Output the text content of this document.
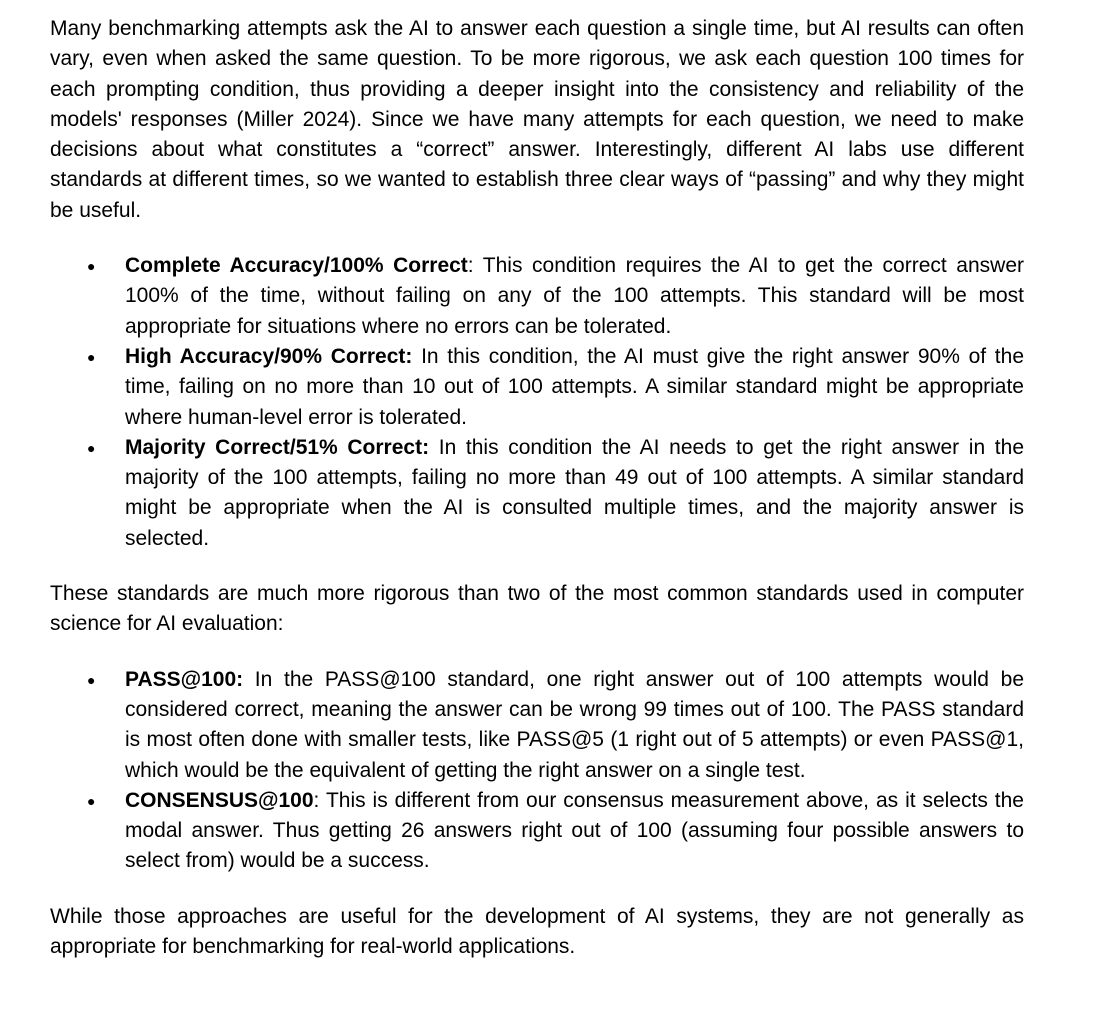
Many benchmarking attempts ask the AI to answer each question a single time, but AI results can often vary, even when asked the same question. To be more rigorous, we ask each question 100 times for each prompting condition, thus providing a deeper insight into the consistency and reliability of the models' responses (Miller 2024). Since we have many attempts for each question, we need to make decisions about what constitutes a “correct” answer. Interestingly, different AI labs use different standards at different times, so we wanted to establish three clear ways of “passing” and why they might be useful.

● Complete Accuracy/100% Correct: This condition requires the AI to get the correct answer 100% of the time, without failing on any of the 100 attempts. This standard will be most appropriate for situations where no errors can be tolerated.
● High Accuracy/90% Correct: In this condition, the AI must give the right answer 90% of the time, failing on no more than 10 out of 100 attempts. A similar standard might be appropriate where human-level error is tolerated.
● Majority Correct/51% Correct: In this condition the AI needs to get the right answer in the majority of the 100 attempts, failing no more than 49 out of 100 attempts. A similar standard might be appropriate when the AI is consulted multiple times, and the majority answer is selected.

These standards are much more rigorous than two of the most common standards used in computer science for AI evaluation:

● PASS@100: In the PASS@100 standard, one right answer out of 100 attempts would be considered correct, meaning the answer can be wrong 99 times out of 100. The PASS standard is most often done with smaller tests, like PASS@5 (1 right out of 5 attempts) or even PASS@1, which would be the equivalent of getting the right answer on a single test.
● CONSENSUS@100: This is different from our consensus measurement above, as it selects the modal answer. Thus getting 26 answers right out of 100 (assuming four possible answers to select from) would be a success.

While those approaches are useful for the development of AI systems, they are not generally as appropriate for benchmarking for real-world applications.
